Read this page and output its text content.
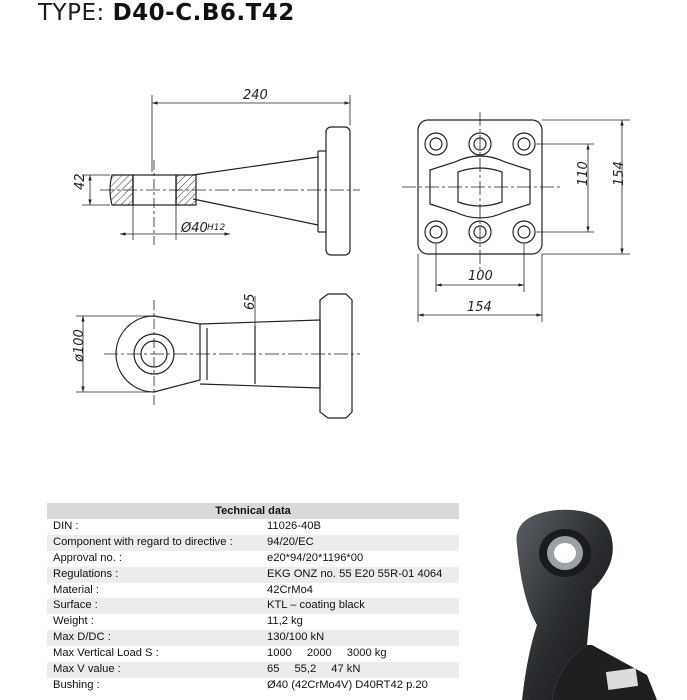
TYPE: D40-C.B6.T42
240
42
Ø40 H12
110 154
100
154
65
ø100
Technical data
DIN :	11026-40B
Component with regard to directive :	94/20/EC
Approval no. :	e20*94/20*1196*00
Regulations :	EKG ONZ no. 55 E20 55R-01 4064
Material :	42CrMo4
Surface :	KTL – coating black
Weight :	11,2 kg
Max D/DC :	130/100 kN
Max Vertical Load S :	1000 2000 3000 kg
Max V value :	65 55,2 47 kN
Bushing :	Ø40 (42CrMo4V) D40RT42 p.20
